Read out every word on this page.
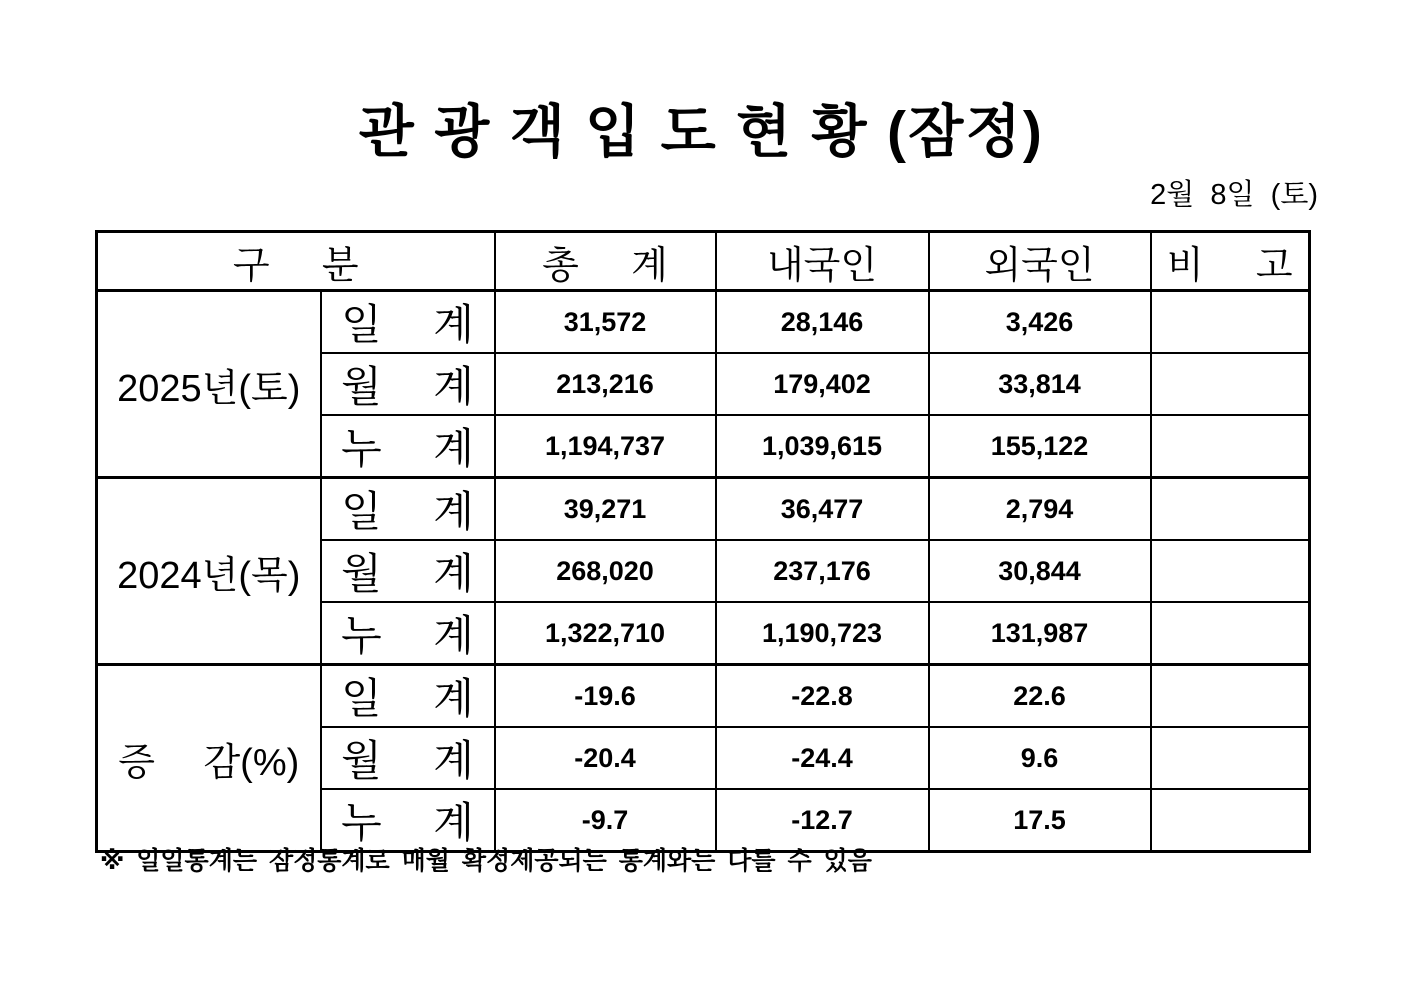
관 광 객 입 도 현 황 (잠정)
2월  8일  (토)
구 분		총 계	내국인	외국인	비 고
2025년(토)	일 계	31,572	28,146	3,426	
	월 계	213,216	179,402	33,814	
	누 계	1,194,737	1,039,615	155,122	
2024년(목)	일 계	39,271	36,477	2,794	
	월 계	268,020	237,176	30,844	
	누 계	1,322,710	1,190,723	131,987	
증 감(%)	일 계	-19.6	-22.8	22.6	
	월 계	-20.4	-24.4	9.6	
	누 계	-9.7	-12.7	17.5	
※ 일일통계는 잠정통계로 매월 확정제공되는 통계와는 다를 수 있음
